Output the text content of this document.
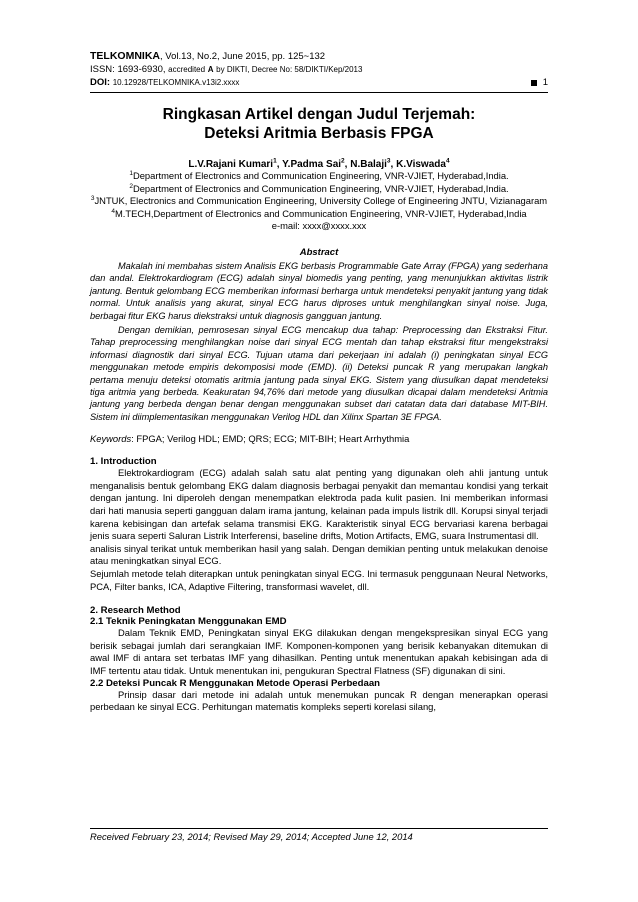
TELKOMNIKA, Vol.13, No.2, June 2015, pp. 125~132
ISSN: 1693-6930, accredited A by DIKTI, Decree No: 58/DIKTI/Kep/2013
DOI: 10.12928/TELKOMNIKA.v13i2.xxxx	1
Ringkasan Artikel dengan Judul Terjemah:
Deteksi Aritmia Berbasis FPGA
L.V.Rajani Kumari$^1$, Y.Padma Sai$^2$, N.Balaji$^3$, K.Viswada$^4$
$^1$Department of Electronics and Communication Engineering, VNR-VJIET, Hyderabad,India.
$^2$Department of Electronics and Communication Engineering, VNR-VJIET, Hyderabad,India.
$^3$JNTUK, Electronics and Communication Engineering, University College of Engineering JNTU, Vizianagaram
$^4$M.TECH,Department of Electronics and Communication Engineering, VNR-VJIET, Hyderabad,India
e-mail: xxxx@xxxx.xxx
Abstract
Makalah ini membahas sistem Analisis EKG berbasis Programmable Gate Array (FPGA) yang sederhana dan andal. Elektrokardiogram (ECG) adalah sinyal biomedis yang penting, yang menunjukkan aktivitas listrik jantung. Bentuk gelombang ECG memberikan informasi berharga untuk mendeteksi penyakit jantung yang tidak normal. Untuk analisis yang akurat, sinyal ECG harus diproses untuk menghilangkan sinyal noise. Juga, berbagai fitur EKG harus diekstraksi untuk diagnosis gangguan jantung.
Dengan demikian, pemrosesan sinyal ECG mencakup dua tahap: Preprocessing dan Ekstraksi Fitur. Tahap preprocessing menghilangkan noise dari sinyal ECG mentah dan tahap ekstraksi fitur mengekstraksi informasi diagnostik dari sinyal ECG. Tujuan utama dari pekerjaan ini adalah (i) peningkatan sinyal ECG menggunakan metode empiris dekomposisi mode (EMD). (ii) Deteksi puncak R yang merupakan langkah pertama menuju deteksi otomatis aritmia jantung pada sinyal EKG. Sistem yang diusulkan dapat mendeteksi tiga aritmia yang berbeda. Keakuratan 94,76% dari metode yang diusulkan dicapai dalam mendeteksi Aritmia jantung yang berbeda dengan benar dengan menggunakan subset dari catatan data dari database MIT-BIH. Sistem ini diimplementasikan menggunakan Verilog HDL dan Xilinx Spartan 3E FPGA.
Keywords: FPGA; Verilog HDL; EMD; QRS; ECG; MIT-BIH; Heart Arrhythmia
1. Introduction
Elektrokardiogram (ECG) adalah salah satu alat penting yang digunakan oleh ahli jantung untuk menganalisis bentuk gelombang EKG dalam diagnosis berbagai penyakit dan memantau kondisi yang terkait dengan jantung. Ini diperoleh dengan menempatkan elektroda pada kulit pasien. Ini memberikan informasi dari hati manusia seperti gangguan dalam irama jantung, kelainan pada impuls listrik dll. Korupsi sinyal terjadi karena kebisingan dan artefak selama transmisi EKG. Karakteristik sinyal ECG bervariasi karena berbagai jenis suara seperti Saluran Listrik Interferensi, baseline drifts, Motion Artifacts, EMG, suara Instrumentasi dll.
analisis sinyal terikat untuk memberikan hasil yang salah. Dengan demikian penting untuk melakukan denoise atau meningkatkan sinyal ECG.
Sejumlah metode telah diterapkan untuk peningkatan sinyal ECG. Ini termasuk penggunaan Neural Networks, PCA, Filter banks, ICA, Adaptive Filtering, transformasi wavelet, dll.
2. Research Method
2.1 Teknik Peningkatan Menggunakan EMD
Dalam Teknik EMD, Peningkatan sinyal EKG dilakukan dengan mengekspresikan sinyal ECG yang berisik sebagai jumlah dari serangkaian IMF. Komponen-komponen yang berisik kebanyakan ditemukan di awal IMF di antara set terbatas IMF yang dihasilkan. Penting untuk menentukan apakah kebisingan ada di IMF tertentu atau tidak. Untuk menentukan ini, pengukuran Spectral Flatness (SF) digunakan di sini.
2.2 Deteksi Puncak R Menggunakan Metode Operasi Perbedaan
Prinsip dasar dari metode ini adalah untuk menemukan puncak R dengan menerapkan operasi perbedaan ke sinyal ECG. Perhitungan matematis kompleks seperti korelasi silang,
Received February 23, 2014; Revised May 29, 2014; Accepted June 12, 2014
